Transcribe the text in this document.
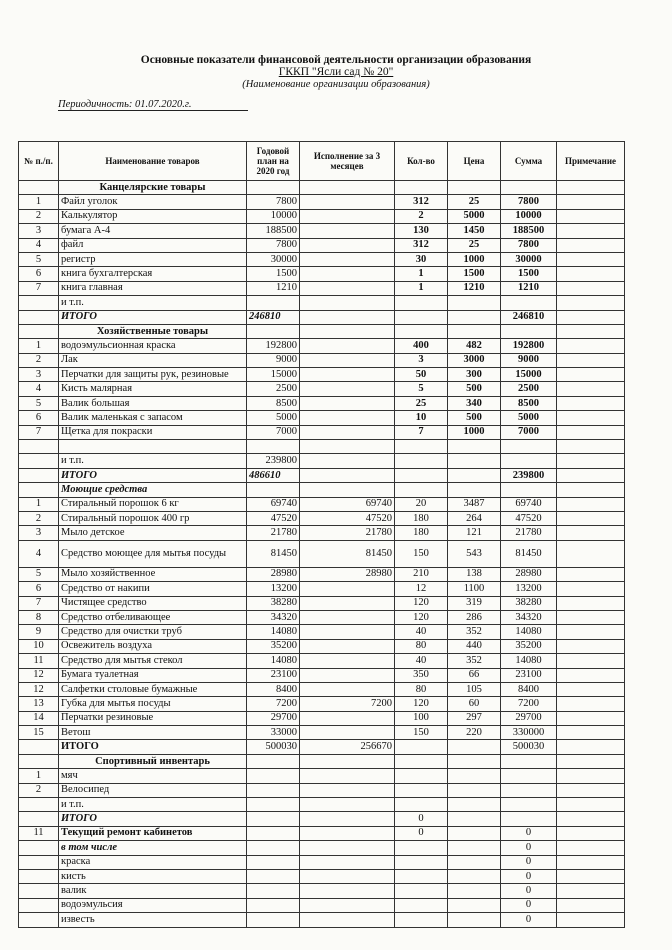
Основные показатели финансовой деятельности организации образования
ГККП "Ясли сад № 20"
(Наименование организации образования)
Периодичность: 01.07.2020.г.
№ п./п.	Наименование товаров	Годовой план на 2020 год	Исполнение за 3 месяцев	Кол-во	Цена	Сумма	Примечание
	Канцелярские товары						
1	Файл уголок	7800		312	25	7800	
2	Калькулятор	10000		2	5000	10000	
3	бумага А-4	188500		130	1450	188500	
4	файл	7800		312	25	7800	
5	регистр	30000		30	1000	30000	
6	книга бухгалтерская	1500		1	1500	1500	
7	книга главная	1210		1	1210	1210	
	и т.п.						
	ИТОГО	246810				246810	
	Хозяйственные товары						
1	водоэмульсионная краска	192800		400	482	192800	
2	Лак	9000		3	3000	9000	
3	Перчатки для защиты рук, резиновые	15000		50	300	15000	
4	Кисть малярная	2500		5	500	2500	
5	Валик большая	8500		25	340	8500	
6	Валик маленькая с запасом	5000		10	500	5000	
7	Щетка для покраски	7000		7	1000	7000	

	и т.п.	239800					
	ИТОГО	486610				239800	
	Моющие средства						
1	Стиральный порошок 6 кг	69740	69740	20	3487	69740	
2	Стиральный порошок 400 гр	47520	47520	180	264	47520	
3	Мыло детское	21780	21780	180	121	21780	
4	Средство моющее для мытья посуды	81450	81450	150	543	81450	
5	Мыло хозяйственное	28980	28980	210	138	28980	
6	Средство от накипи	13200		12	1100	13200	
7	Чистящее средство	38280		120	319	38280	
8	Средство отбеливающее	34320		120	286	34320	
9	Средство для очистки труб	14080		40	352	14080	
10	Освежитель воздуха	35200		80	440	35200	
11	Средство для мытья стекол	14080		40	352	14080	
12	Бумага туалетная	23100		350	66	23100	
12	Салфетки столовые бумажные	8400		80	105	8400	
13	Губка для мытья посуды	7200	7200	120	60	7200	
14	Перчатки резиновые	29700		100	297	29700	
15	Ветош	33000		150	220	330000	
	ИТОГО	500030	256670			500030	
	Спортивный инвентарь						
1	мяч						
2	Велосипед						
	и т.п.						
	ИТОГО			0			
11	Текущий ремонт кабинетов			0		0	
	в том числе					0	
	краска					0	
	кисть					0	
	валик					0	
	водоэмульсия					0	
	известь					0	
